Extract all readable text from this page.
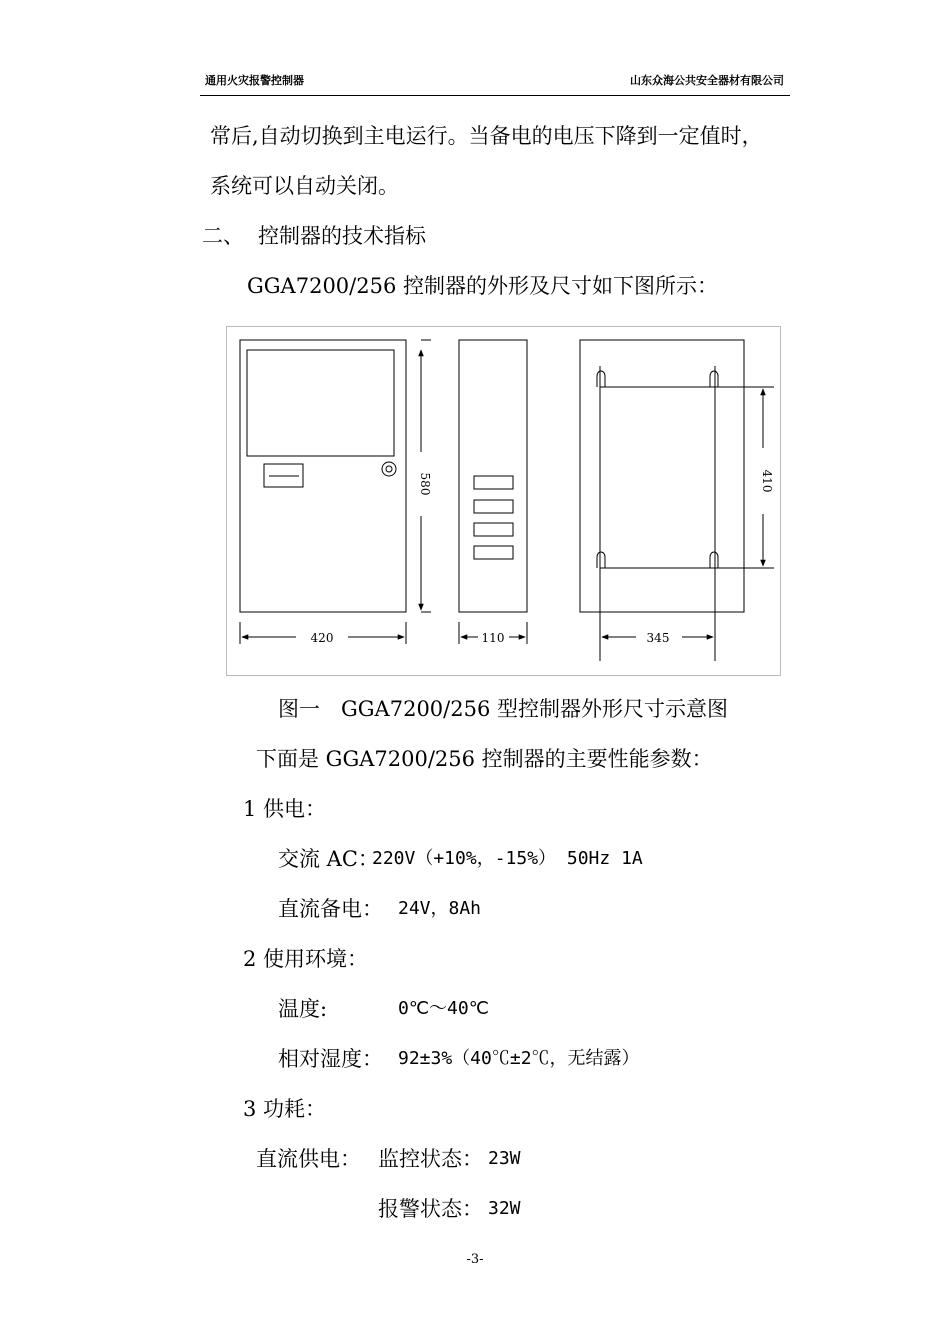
通用火灾报警控制器	山东众海公共安全器材有限公司
常后,自动切换到主电运行。当备电的电压下降到一定值时，
系统可以自动关闭。
二、 控制器的技术指标
GGA7200/256 控制器的外形及尺寸如下图所示：
580
420	110
410
345
图一　GGA7200/256 型控制器外形尺寸示意图
下面是 GGA7200/256 控制器的主要性能参数：
1 供电：
交流 AC：
220V（+10%，-15%） 50Hz 1A
直流备电： 24V，8Ah
2 使用环境：
温度:	0℃～40℃
相对湿度： 92±3%（40℃±2℃，无结露）
3 功耗：
直流供电： 监控状态： 23W
报警状态： 32W
-3-
